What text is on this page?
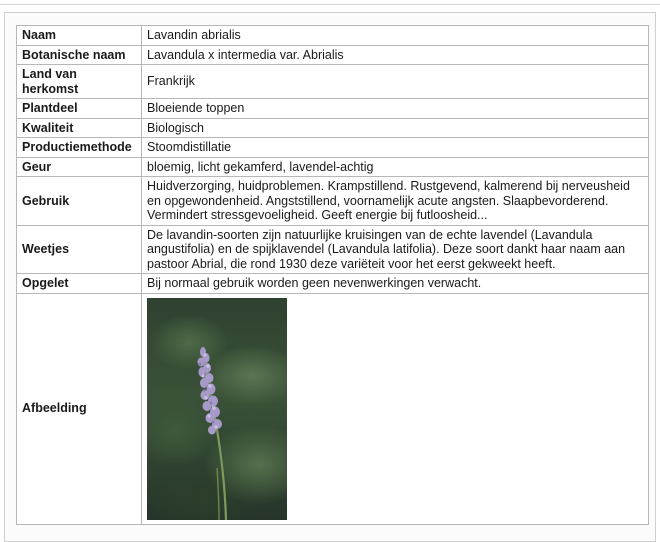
Naam	Lavandin abrialis
Botanische naam	Lavandula x intermedia var. Abrialis
Land van herkomst	Frankrijk
Plantdeel	Bloeiende toppen
Kwaliteit	Biologisch
Productiemethode	Stoomdistillatie
Geur	bloemig, licht gekamferd, lavendel-achtig
Gebruik	Huidverzorging, huidproblemen. Krampstillend. Rustgevend, kalmerend bij nerveusheid en opgewondenheid. Angststillend, voornamelijk acute angsten. Slaapbevorderend. Vermindert stressgevoeligheid. Geeft energie bij futloosheid...
Weetjes	De lavandin-soorten zijn natuurlijke kruisingen van de echte lavendel (Lavandula angustifolia) en de spijklavendel (Lavandula latifolia). Deze soort dankt haar naam aan pastoor Abrial, die rond 1930 deze variëteit voor het eerst gekweekt heeft.
Opgelet	Bij normaal gebruik worden geen nevenwerkingen verwacht.
Afbeelding	
